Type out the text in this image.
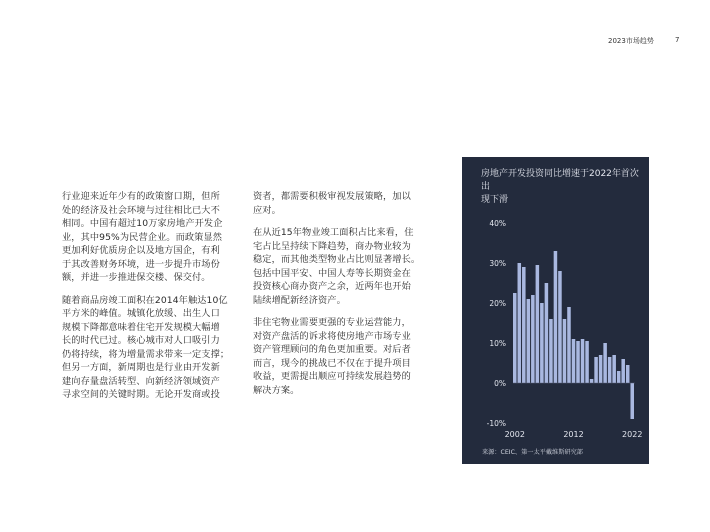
2023市场趋势	7

行业迎来近年少有的政策窗口期，但所
处的经济及社会环境与过往相比已大不
相同。中国有超过10万家房地产开发企
业，其中95%为民营企业。而政策显然
更加利好优质房企以及地方国企，有利
于其改善财务环境，进一步提升市场份
额，并进一步推进保交楼、保交付。

随着商品房竣工面积在2014年触达10亿
平方米的峰值。城镇化放缓、出生人口
规模下降都意味着住宅开发规模大幅增
长的时代已过。核心城市对人口吸引力
仍将持续，将为增量需求带来一定支撑；
但另一方面，新周期也是行业由开发新
建向存量盘活转型、向新经济领域资产
寻求空间的关键时期。无论开发商或投

资者，都需要积极审视发展策略，加以
应对。

在从近15年物业竣工面积占比来看，住
宅占比呈持续下降趋势，商办物业较为
稳定，而其他类型物业占比则显著增长。
包括中国平安、中国人寿等长期资金在
投资核心商办资产之余，近两年也开始
陆续增配新经济资产。

非住宅物业需要更强的专业运营能力，
对资产盘活的诉求将使房地产市场专业
资产管理顾问的角色更加重要。对后者
而言，现今的挑战已不仅在于提升项目
收益，更需提出顺应可持续发展趋势的
解决方案。

房地产开发投资同比增速于2022年首次出
现下滑
40%
30%
20%
10%
0%
-10%
2002	2012	2022
来源：CEIC、第一太平戴维斯研究部
